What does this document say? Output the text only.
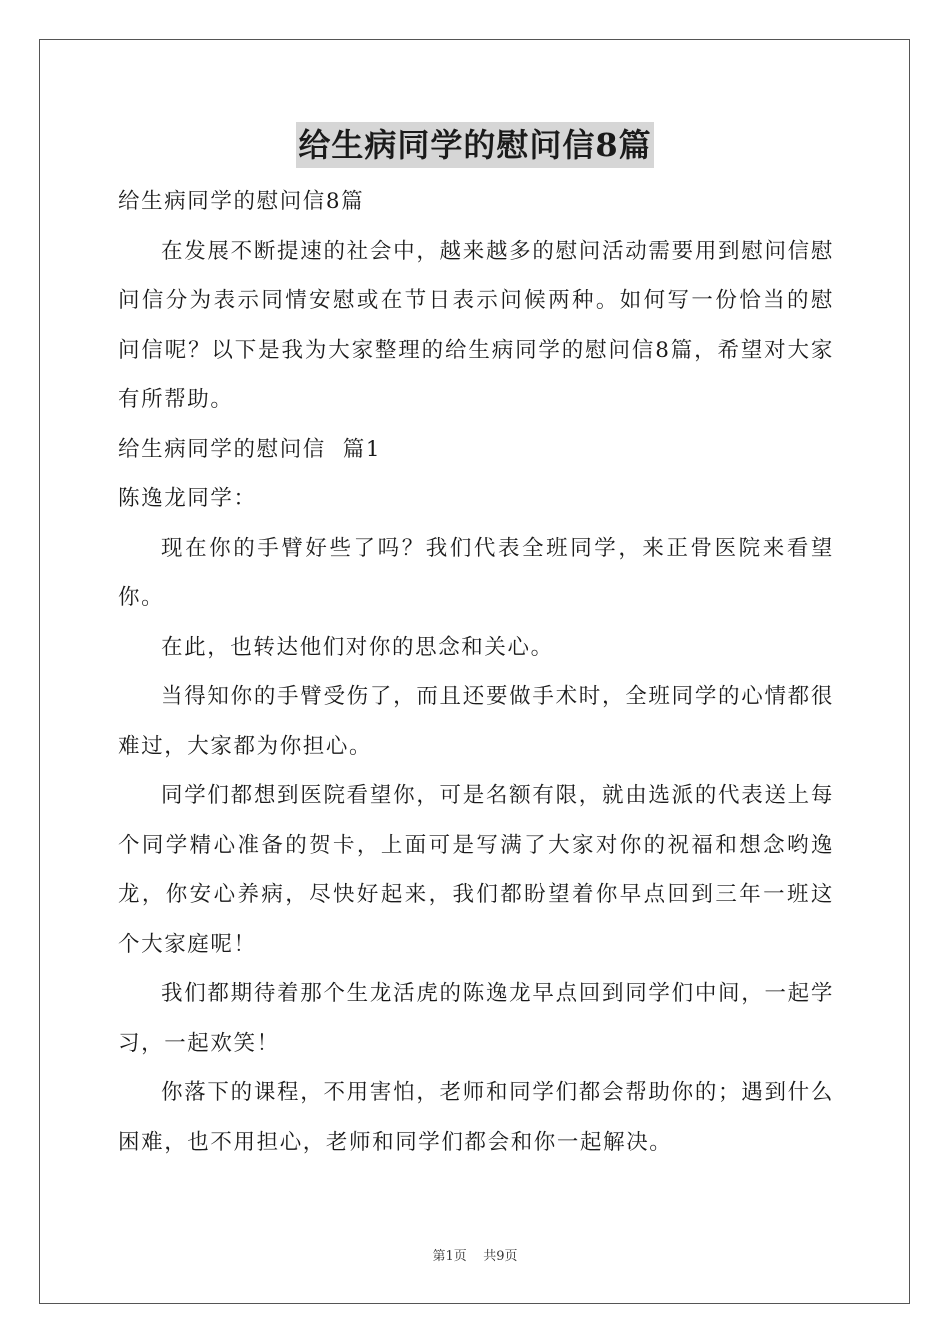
给生病同学的慰问信8篇

给生病同学的慰问信8篇

在发展不断提速的社会中，越来越多的慰问活动需要用到慰问信慰问信分为表示同情安慰或在节日表示问候两种。如何写一份恰当的慰问信呢？以下是我为大家整理的给生病同学的慰问信8篇，希望对大家有所帮助。

给生病同学的慰问信  篇1

陈逸龙同学：

现在你的手臂好些了吗？我们代表全班同学，来正骨医院来看望你。

在此，也转达他们对你的思念和关心。

当得知你的手臂受伤了，而且还要做手术时，全班同学的心情都很难过，大家都为你担心。

同学们都想到医院看望你，可是名额有限，就由选派的代表送上每个同学精心准备的贺卡，上面可是写满了大家对你的祝福和想念哟逸龙，你安心养病，尽快好起来，我们都盼望着你早点回到三年一班这个大家庭呢！

我们都期待着那个生龙活虎的陈逸龙早点回到同学们中间，一起学习，一起欢笑！

你落下的课程，不用害怕，老师和同学们都会帮助你的；遇到什么困难，也不用担心，老师和同学们都会和你一起解决。

第1页 共9页
